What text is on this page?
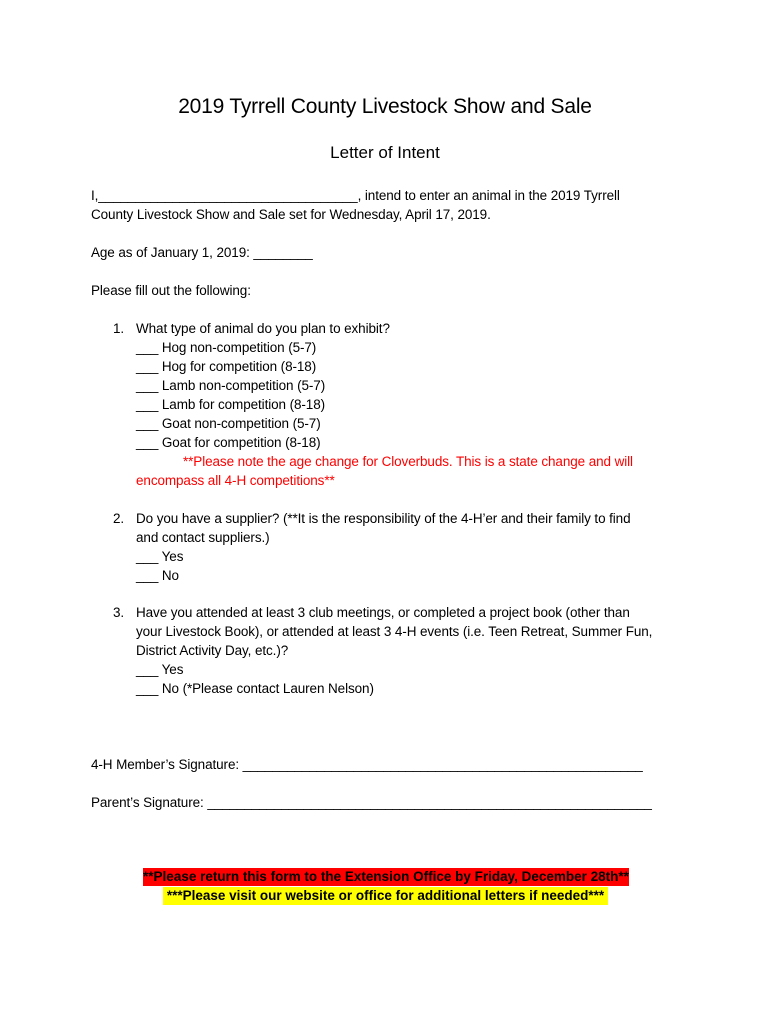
2019 Tyrrell County Livestock Show and Sale
Letter of Intent
I,___________________________________, intend to enter an animal in the 2019 Tyrrell
County Livestock Show and Sale set for Wednesday, April 17, 2019.
Age as of January 1, 2019: ________
Please fill out the following:
1. What type of animal do you plan to exhibit?
___ Hog non-competition (5-7)
___ Hog for competition (8-18)
___ Lamb non-competition (5-7)
___ Lamb for competition (8-18)
___ Goat non-competition (5-7)
___ Goat for competition (8-18)
**Please note the age change for Cloverbuds. This is a state change and will
encompass all 4-H competitions**
2. Do you have a supplier? (**It is the responsibility of the 4-H’er and their family to find
and contact suppliers.)
___ Yes
___ No
3. Have you attended at least 3 club meetings, or completed a project book (other than
your Livestock Book), or attended at least 3 4-H events (i.e. Teen Retreat, Summer Fun,
District Activity Day, etc.)?
___ Yes
___ No (*Please contact Lauren Nelson)
4-H Member’s Signature: ______________________________________________________
Parent’s Signature: ____________________________________________________________
**Please return this form to the Extension Office by Friday, December 28th**
***Please visit our website or office for additional letters if needed***
